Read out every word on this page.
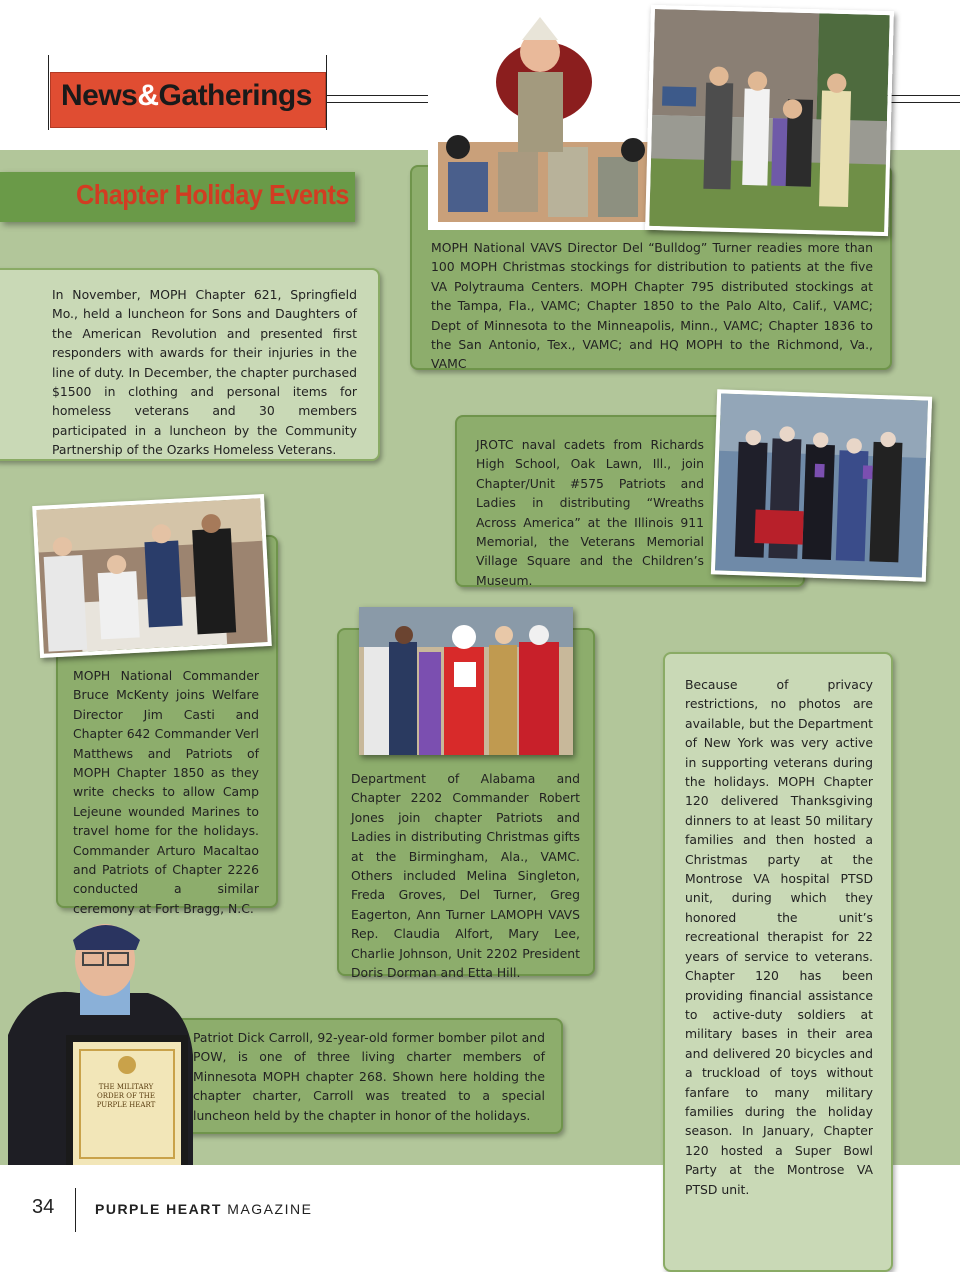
News&Gatherings
Chapter Holiday Events

In November, MOPH Chapter 621, Springfield Mo., held a luncheon for Sons and Daughters of the American Revolution and presented first responders with awards for their injuries in the line of duty. In December, the chapter purchased $1500 in clothing and personal items for homeless veterans and 30 members participated in a luncheon by the Community Partnership of the Ozarks Homeless Veterans.

MOPH National VAVS Director Del “Bulldog” Turner readies more than 100 MOPH Christmas stockings for distribution to patients at the five VA Polytrauma Centers. MOPH Chapter 795 distributed stockings at the Tampa, Fla., VAMC; Chapter 1850 to the Palo Alto, Calif., VAMC; Dept of Minnesota to the Minneapolis, Minn., VAMC; Chapter 1836 to the San Antonio, Tex., VAMC; and HQ MOPH to the Richmond, Va., VAMC

JROTC naval cadets from Richards High School, Oak Lawn, Ill., join Chapter/Unit #575 Patriots and Ladies in distributing “Wreaths Across America” at the Illinois 911 Memorial, the Veterans Memorial Village Square and the Children’s Museum.

MOPH National Commander Bruce McKenty joins Welfare Director Jim Casti and Chapter 642 Commander Verl Matthews and Patriots of MOPH Chapter 1850 as they write checks to allow Camp Lejeune wounded Marines to travel home for the holidays. Commander Arturo Macaltao and Patriots of Chapter 2226 conducted a similar ceremony at Fort Bragg, N.C.

Department of Alabama and Chapter 2202 Commander Robert Jones join chapter Patriots and Ladies in distributing Christmas gifts at the Birmingham, Ala., VAMC. Others included Melina Singleton, Freda Groves, Del Turner, Greg Eagerton, Ann Turner LAMOPH VAVS Rep. Claudia Alfort, Mary Lee, Charlie Johnson, Unit 2202 President Doris Dorman and Etta Hill.

Because of privacy restrictions, no photos are available, but the Department of New York was very active in supporting veterans during the holidays. MOPH Chapter 120 delivered Thanksgiving dinners to at least 50 military families and then hosted a Christmas party at the Montrose VA hospital PTSD unit, during which they honored the unit’s recreational therapist for 22 years of service to veterans. Chapter 120 has been providing financial assistance to active-duty soldiers at military bases in their area and delivered 20 bicycles and a truckload of toys without fanfare to many military families during the holiday season. In January, Chapter 120 hosted a Super Bowl Party at the Montrose VA PTSD unit.

Patriot Dick Carroll, 92-year-old former bomber pilot and POW, is one of three living charter members of Minnesota MOPH chapter 268. Shown here holding the chapter charter, Carroll was treated to a special luncheon held by the chapter in honor of the holidays.

THE MILITARY ORDER OF THE PURPLE HEART
34	PURPLE HEART MAGAZINE
